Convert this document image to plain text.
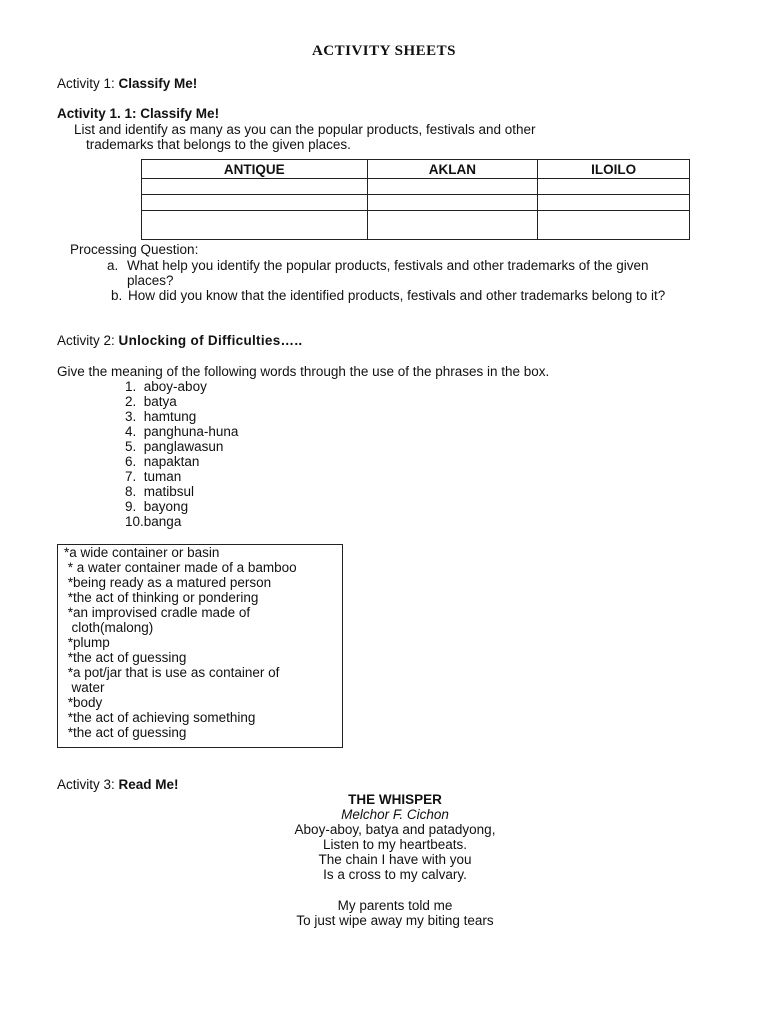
ACTIVITY SHEETS
Activity 1: Classify Me!
Activity 1. 1: Classify Me!
List and identify as many as you can the popular products, festivals and other
trademarks that belongs to the given places.
ANTIQUE	AKLAN	ILOILO

Processing Question:
a. What help you identify the popular products, festivals and other trademarks of the given
places?
b. How did you know that the identified products, festivals and other trademarks belong to it?
Activity 2: Unlocking of Difficulties…..
Give the meaning of the following words through the use of the phrases in the box.
1. aboy-aboy
2. batya
3. hamtung
4. panghuna-huna
5. panglawasun
6. napaktan
7. tuman
8. matibsul
9. bayong
10.banga
*a wide container or basin
* a water container made of a bamboo
*being ready as a matured person
*the act of thinking or pondering
*an improvised cradle made of
cloth(malong)
*plump
*the act of guessing
*a pot/jar that is use as container of
water
*body
*the act of achieving something
*the act of guessing
Activity 3: Read Me!
THE WHISPER
Melchor F. Cichon
Aboy-aboy, batya and patadyong,
Listen to my heartbeats.
The chain I have with you
Is a cross to my calvary.
My parents told me
To just wipe away my biting tears
